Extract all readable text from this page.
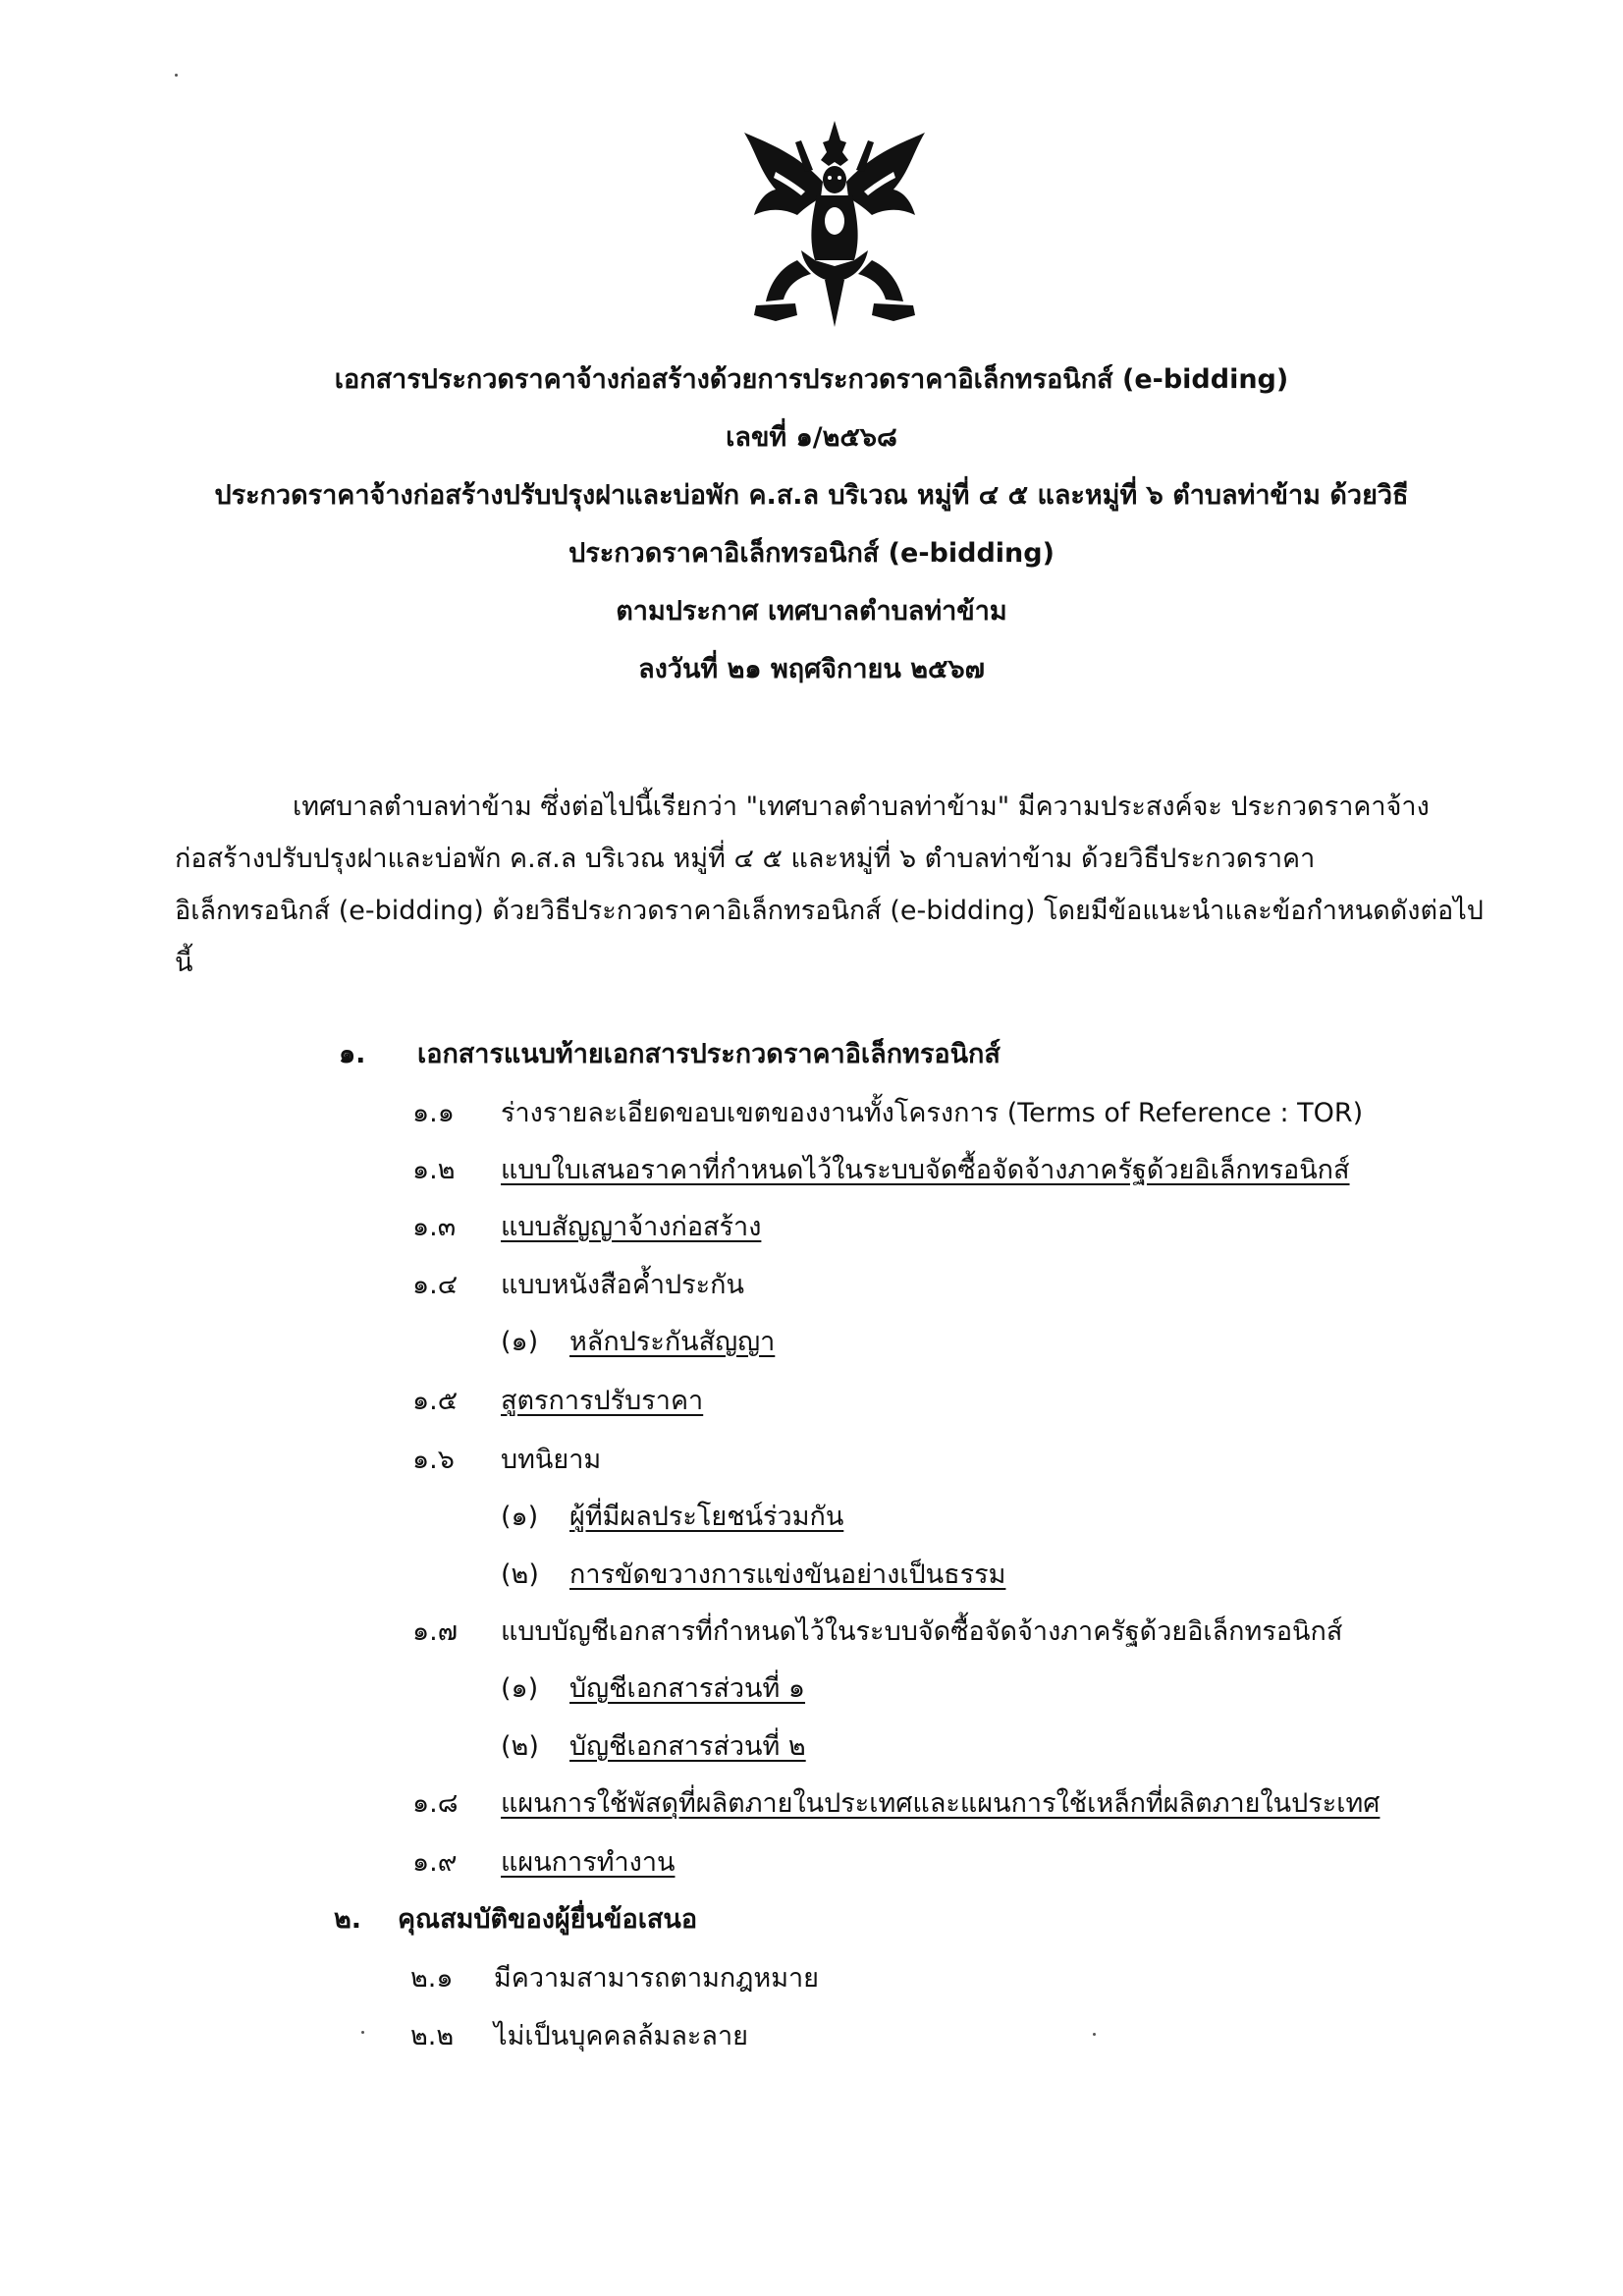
เอกสารประกวดราคาจ้างก่อสร้างด้วยการประกวดราคาอิเล็กทรอนิกส์ (e-bidding)
เลขที่ ๑/๒๕๖๘
ประกวดราคาจ้างก่อสร้างปรับปรุงฝาและบ่อพัก ค.ส.ล บริเวณ หมู่ที่ ๔ ๕ และหมู่ที่ ๖ ตำบลท่าข้าม ด้วยวิธี
ประกวดราคาอิเล็กทรอนิกส์ (e-bidding)
ตามประกาศ เทศบาลตำบลท่าข้าม
ลงวันที่ ๒๑ พฤศจิกายน ๒๕๖๗
เทศบาลตำบลท่าข้าม ซึ่งต่อไปนี้เรียกว่า "เทศบาลตำบลท่าข้าม" มีความประสงค์จะ ประกวดราคาจ้าง
ก่อสร้างปรับปรุงฝาและบ่อพัก ค.ส.ล บริเวณ หมู่ที่ ๔ ๕ และหมู่ที่ ๖ ตำบลท่าข้าม ด้วยวิธีประกวดราคา
อิเล็กทรอนิกส์ (e-bidding) ด้วยวิธีประกวดราคาอิเล็กทรอนิกส์ (e-bidding) โดยมีข้อแนะนำและข้อกำหนดดังต่อไป
นี้
๑. เอกสารแนบท้ายเอกสารประกวดราคาอิเล็กทรอนิกส์
๑.๑ ร่างรายละเอียดขอบเขตของงานทั้งโครงการ (Terms of Reference : TOR)
๑.๒ แบบใบเสนอราคาที่กำหนดไว้ในระบบจัดซื้อจัดจ้างภาครัฐด้วยอิเล็กทรอนิกส์
๑.๓ แบบสัญญาจ้างก่อสร้าง
๑.๔ แบบหนังสือค้ำประกัน
(๑) หลักประกันสัญญา
๑.๕ สูตรการปรับราคา
๑.๖ บทนิยาม
(๑) ผู้ที่มีผลประโยชน์ร่วมกัน
(๒) การขัดขวางการแข่งขันอย่างเป็นธรรม
๑.๗ แบบบัญชีเอกสารที่กำหนดไว้ในระบบจัดซื้อจัดจ้างภาครัฐด้วยอิเล็กทรอนิกส์
(๑) บัญชีเอกสารส่วนที่ ๑
(๒) บัญชีเอกสารส่วนที่ ๒
๑.๘ แผนการใช้พัสดุที่ผลิตภายในประเทศและแผนการใช้เหล็กที่ผลิตภายในประเทศ
๑.๙ แผนการทำงาน
๒. คุณสมบัติของผู้ยื่นข้อเสนอ
๒.๑ มีความสามารถตามกฎหมาย
๒.๒ ไม่เป็นบุคคลล้มละลาย
